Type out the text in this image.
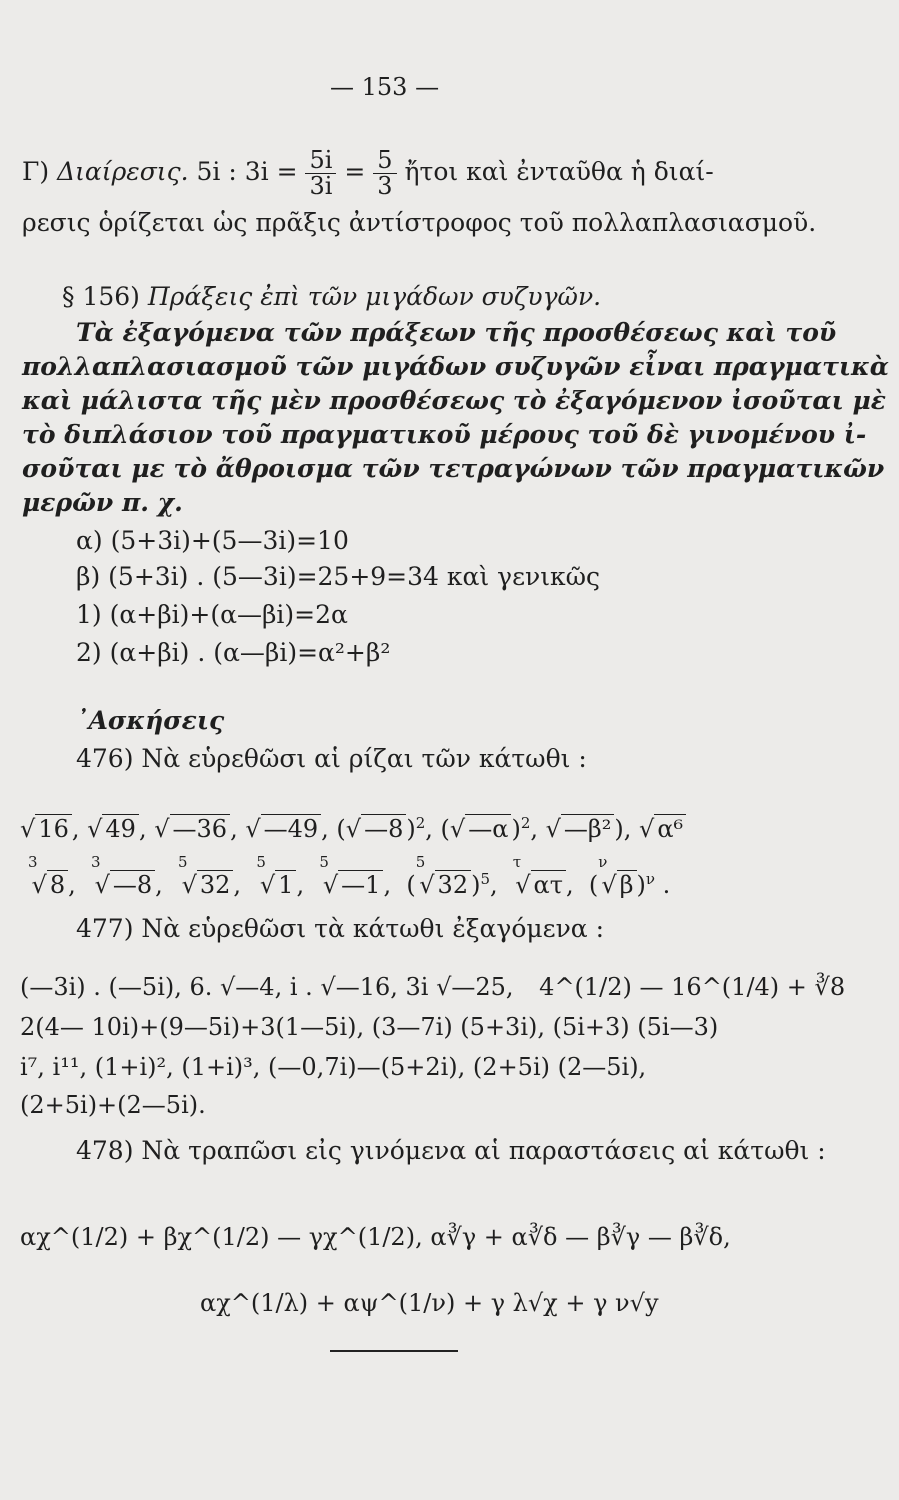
— 153 —
Γ) Διαίρεσις. 5i : $3i = \frac{5i}{3i} = \frac{5}{3}$ ἤτοι καὶ ἐνταῦθα ἡ διαί-
ρεσις ὁρίζεται ὡς πρᾶξις ἀντίστροφος τοῦ πολλαπλασιασμοῦ.
§ 156) Πράξεις ἐπὶ τῶν μιγάδων συζυγῶν.
Τὰ ἐξαγόμενα τῶν πράξεων τῆς προσθέσεως καὶ τοῦ
πολλαπλασιασμοῦ τῶν μιγάδων συζυγῶν εἶναι πραγματικὰ
καὶ μάλιστα τῆς μὲν προσθέσεως τὸ ἐξαγόμενον ἰσοῦται μὲ
τὸ διπλάσιον τοῦ πραγματικοῦ μέρους τοῦ δὲ γινομένου ἰ-
σοῦται με τὸ ἄθροισμα τῶν τετραγώνων τῶν πραγματικῶν
μερῶν π. χ.
α) (5+3i)+(5—3i)=10
β) (5+3i) . (5—3i)=25+9=34 καὶ γενικῶς
1) (α+βi)+(α—βi)=2α
2) (α+βi) . (α—βi)=α²+β²
᾿Ασκήσεις
476) Νὰ εὑρεθῶσι αἱ ρίζαι τῶν κάτωθι :
√ 16 , √ 49 , √ —36 , √ —49 , (√ —8 )$^2$, (√ —α )$^2$, √ —β² ), √ α⁶
$^3$√ 8 ,  $^3$√ —8 ,  $^5$√ 32 ,  $^5$√ 1 ,  $^5$√ —1 ,  ($^5$√ 32 )$^5$,  $^\tau$√ ατ ,  ($^\nu$√ β )$^\nu$ .
477) Νὰ εὑρεθῶσι τὰ κάτωθι ἐξαγόμενα :
(—3i) . (—5i), 6. √—4, i . √—16, 3i √—25, 4^(1/2) — 16^(1/4) + ∛8
2(4— 10i)+(9—5i)+3(1—5i), (3—7i) (5+3i), (5i+3) (5i—3)
i⁷, i¹¹, (1+i)², (1+i)³, (—0,7i)—(5+2i), (2+5i) (2—5i),
(2+5i)+(2—5i).
478) Νὰ τραπῶσι εἰς γινόμενα αἱ παραστάσεις αἱ κάτωθι :
αχ^(1/2) + βχ^(1/2) — γχ^(1/2), α∛γ + α∛δ — β∛γ — β∛δ,
αχ^(1/λ) + αψ^(1/ν) + γ λ√χ + γ ν√y
